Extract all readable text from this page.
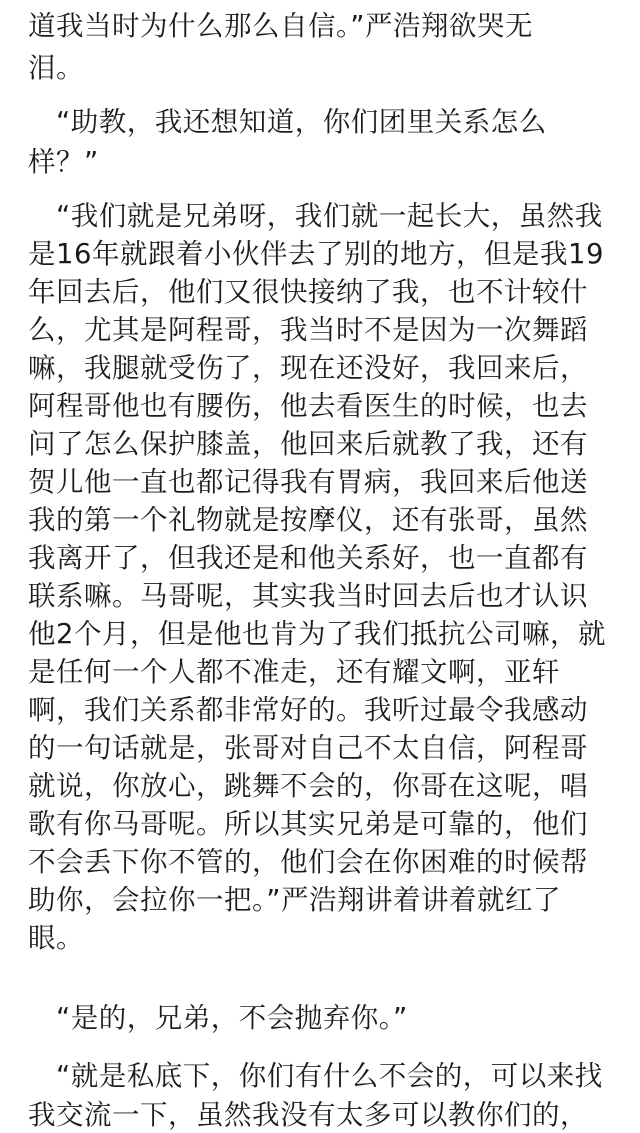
道我当时为什么那么自信。”严浩翔欲哭无
泪。
　“助教，我还想知道，你们团里关系怎么
样？”
　“我们就是兄弟呀，我们就一起长大，虽然我
是16年就跟着小伙伴去了别的地方，但是我19
年回去后，他们又很快接纳了我，也不计较什
么，尤其是阿程哥，我当时不是因为一次舞蹈
嘛，我腿就受伤了，现在还没好，我回来后，
阿程哥他也有腰伤，他去看医生的时候，也去
问了怎么保护膝盖，他回来后就教了我，还有
贺儿他一直也都记得我有胃病，我回来后他送
我的第一个礼物就是按摩仪，还有张哥，虽然
我离开了，但我还是和他关系好，也一直都有
联系嘛。马哥呢，其实我当时回去后也才认识
他2个月，但是他也肯为了我们抵抗公司嘛，就
是任何一个人都不准走，还有耀文啊，亚轩
啊，我们关系都非常好的。我听过最令我感动
的一句话就是，张哥对自己不太自信，阿程哥
就说，你放心，跳舞不会的，你哥在这呢，唱
歌有你马哥呢。所以其实兄弟是可靠的，他们
不会丢下你不管的，他们会在你困难的时候帮
助你，会拉你一把。”严浩翔讲着讲着就红了
眼。
　“是的，兄弟，不会抛弃你。”
　“就是私底下，你们有什么不会的，可以来找
我交流一下，虽然我没有太多可以教你们的，
